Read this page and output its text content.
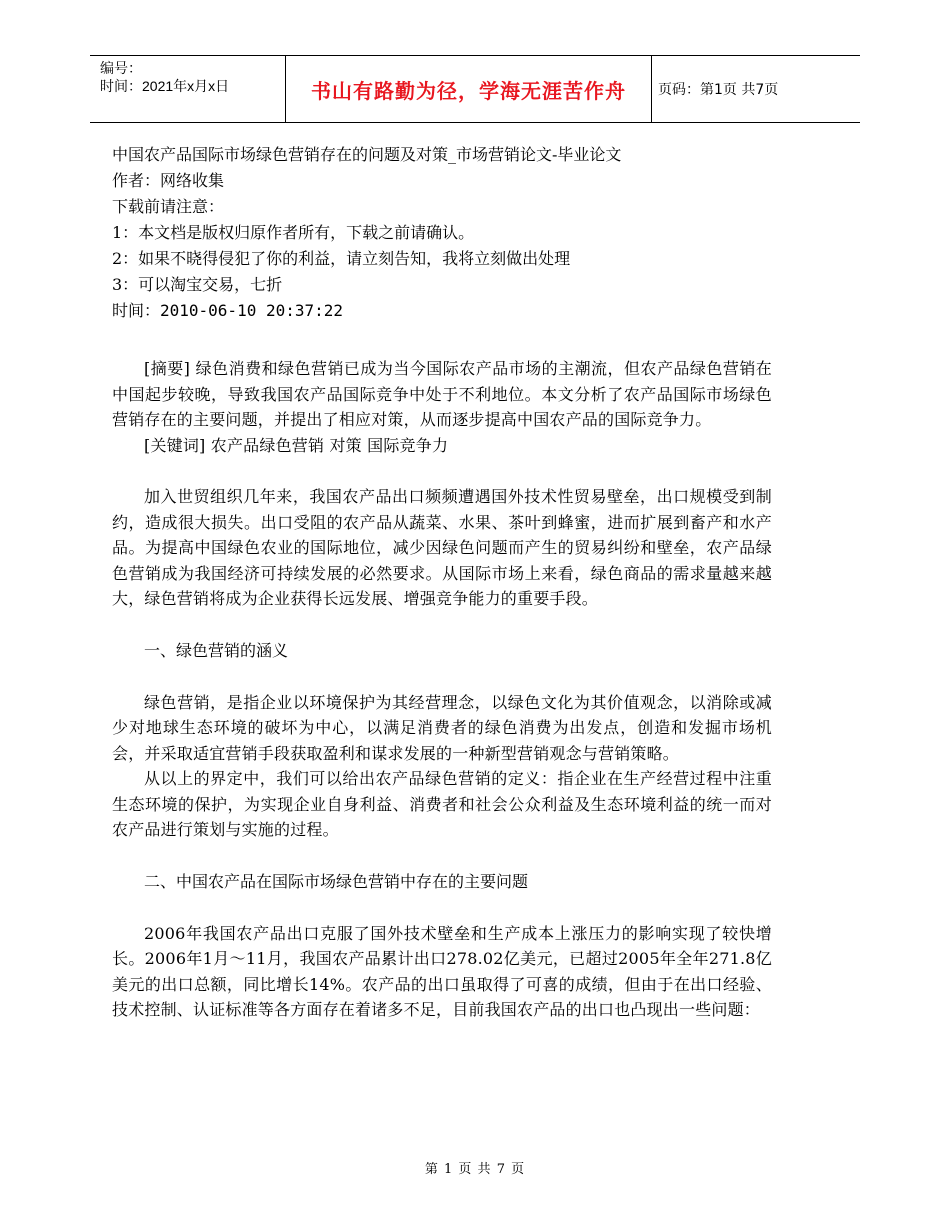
编号：
时间：2021年x月x日	书山有路勤为径，学海无涯苦作舟 页码：第1页 共7页
中国农产品国际市场绿色营销存在的问题及对策_市场营销论文-毕业论文
作者：网络收集
下载前请注意：
1：本文档是版权归原作者所有，下载之前请确认。
2：如果不晓得侵犯了你的利益，请立刻告知，我将立刻做出处理
3：可以淘宝交易，七折
时间：2010-06-10 20:37:22

[摘要] 绿色消费和绿色营销已成为当今国际农产品市场的主潮流，但农产品绿色营销在中国起步较晚，导致我国农产品国际竞争中处于不利地位。本文分析了农产品国际市场绿色营销存在的主要问题，并提出了相应对策，从而逐步提高中国农产品的国际竞争力。

[关键词] 农产品绿色营销 对策 国际竞争力

加入世贸组织几年来，我国农产品出口频频遭遇国外技术性贸易壁垒，出口规模受到制约，造成很大损失。出口受阻的农产品从蔬菜、水果、茶叶到蜂蜜，进而扩展到畜产和水产品。为提高中国绿色农业的国际地位，减少因绿色问题而产生的贸易纠纷和壁垒，农产品绿色营销成为我国经济可持续发展的必然要求。从国际市场上来看，绿色商品的需求量越来越大，绿色营销将成为企业获得长远发展、增强竞争能力的重要手段。

一、绿色营销的涵义

绿色营销，是指企业以环境保护为其经营理念，以绿色文化为其价值观念，以消除或减少对地球生态环境的破坏为中心，以满足消费者的绿色消费为出发点，创造和发掘市场机会，并采取适宜营销手段获取盈利和谋求发展的一种新型营销观念与营销策略。

从以上的界定中，我们可以给出农产品绿色营销的定义：指企业在生产经营过程中注重生态环境的保护，为实现企业自身利益、消费者和社会公众利益及生态环境利益的统一而对农产品进行策划与实施的过程。

二、中国农产品在国际市场绿色营销中存在的主要问题

2006年我国农产品出口克服了国外技术壁垒和生产成本上涨压力的影响实现了较快增长。2006年1月～11月，我国农产品累计出口278.02亿美元，已超过2005年全年271.8亿美元的出口总额，同比增长14%。农产品的出口虽取得了可喜的成绩，但由于在出口经验、技术控制、认证标准等各方面存在着诸多不足，目前我国农产品的出口也凸现出一些问题：

第 1 页 共 7 页
